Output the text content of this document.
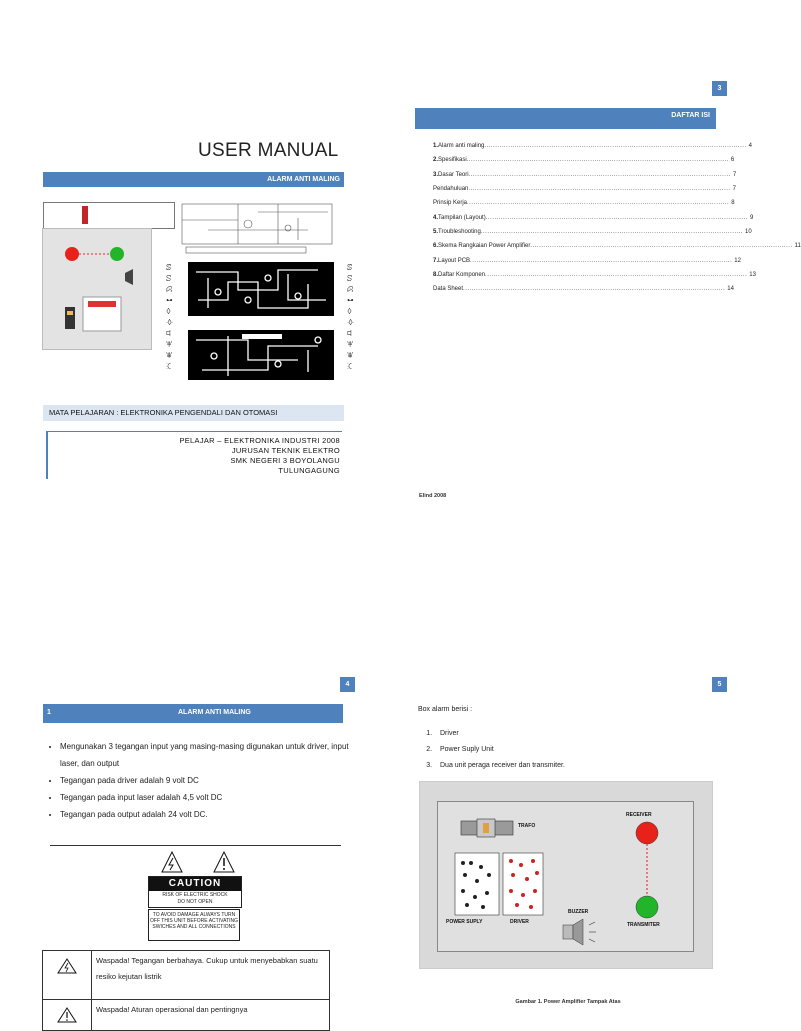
USER MANUAL
ALARM ANTI MALING
ꕷꕶꕸꕹꕺꕻꕼꕽꕾꕿ
ꕷꕶꕸꕹꕺꕻꕼꕽꕾꕿ
MATA PELAJARAN : ELEKTRONIKA PENGENDALI DAN OTOMASI
PELAJAR – ELEKTRONIKA INDUSTRI 2008
JURUSAN TEKNIK ELEKTRO
SMK NEGERI 3 BOYOLANGU
TULUNGAGUNG
3
DAFTAR ISI
1. Alarm anti maling ......................................................................................................................... 4
2. Spesifikasi ......................................................................................................................... 6
3. Dasar Teori ......................................................................................................................... 7
Pendahuluan ......................................................................................................................... 7
Prinsip Kerja ......................................................................................................................... 8
4. Tampilan (Layout) ......................................................................................................................... 9
5. Troubleshooting ......................................................................................................................... 10
6. Skema Rangkaian Power Amplifier ......................................................................................................................... 11
7. Layout PCB ......................................................................................................................... 12
8. Daftar Komponen ......................................................................................................................... 13
Data Sheet ......................................................................................................................... 14
Elind 2008
4
1	ALARM ANTI MALING
• Mengunakan 3 tegangan input yang masing-masing digunakan untuk driver, input laser, dan output
• Tegangan pada driver adalah 9 volt DC
• Tegangan pada input laser adalah 4,5 volt DC
• Tegangan pada output adalah 24 volt DC.
CAUTION
RISK OF ELECTRIC SHOCK
DO NOT OPEN
TO AVOID DAMAGE ALWAYS TURN OFF THIS UNIT BEFORE ACTIVATING SWICHES AND ALL CONNECTIONS
	Waspada! Tegangan berbahaya. Cukup untuk menyebabkan suatu resiko kejutan listrik
	Waspada! Aturan operasional dan pentingnya
5
Box alarm berisi :
1. Driver
2. Power Suply Unit
3. Dua unit peraga receiver dan transmiter.
TRAFO
RECEIVER
BUZZER
POWER SUPLY	DRIVER	TRANSMITER
Gambar 1. Power Amplifier Tampak Atas
